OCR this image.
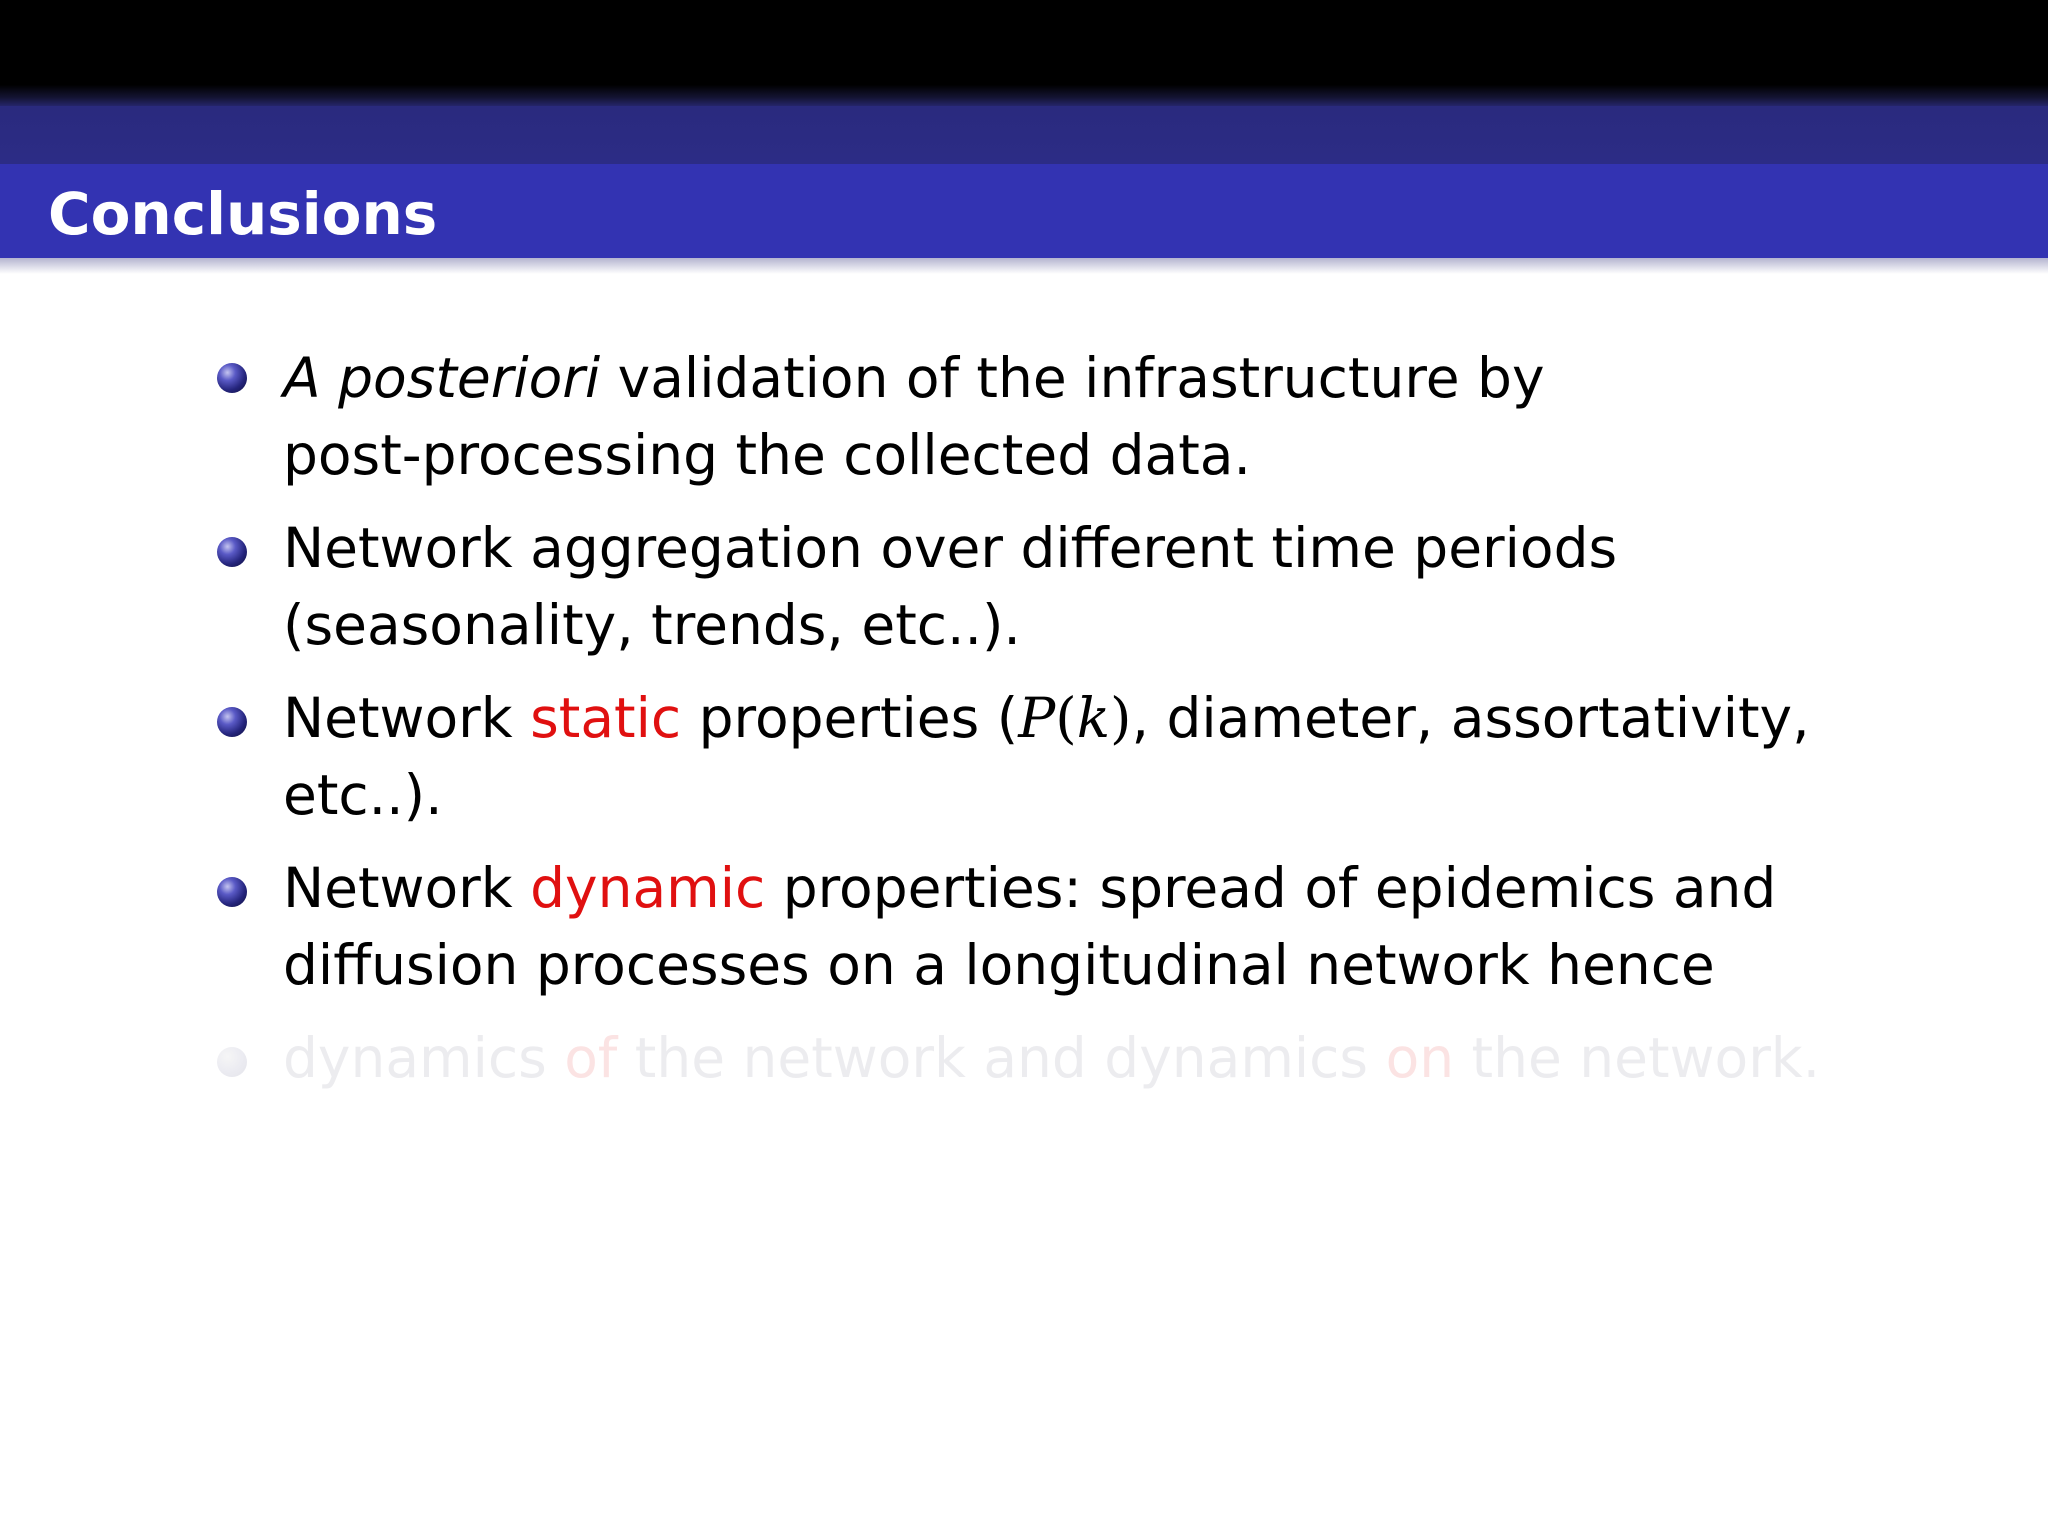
Conclusions
A posteriori validation of the infrastructure by
post-processing the collected data.
Network aggregation over different time periods
(seasonality, trends, etc..).
Network static properties (P(k), diameter, assortativity,
etc..).
Network dynamic properties: spread of epidemics and
diffusion processes on a longitudinal network hence
dynamics of the network and dynamics on the network.
